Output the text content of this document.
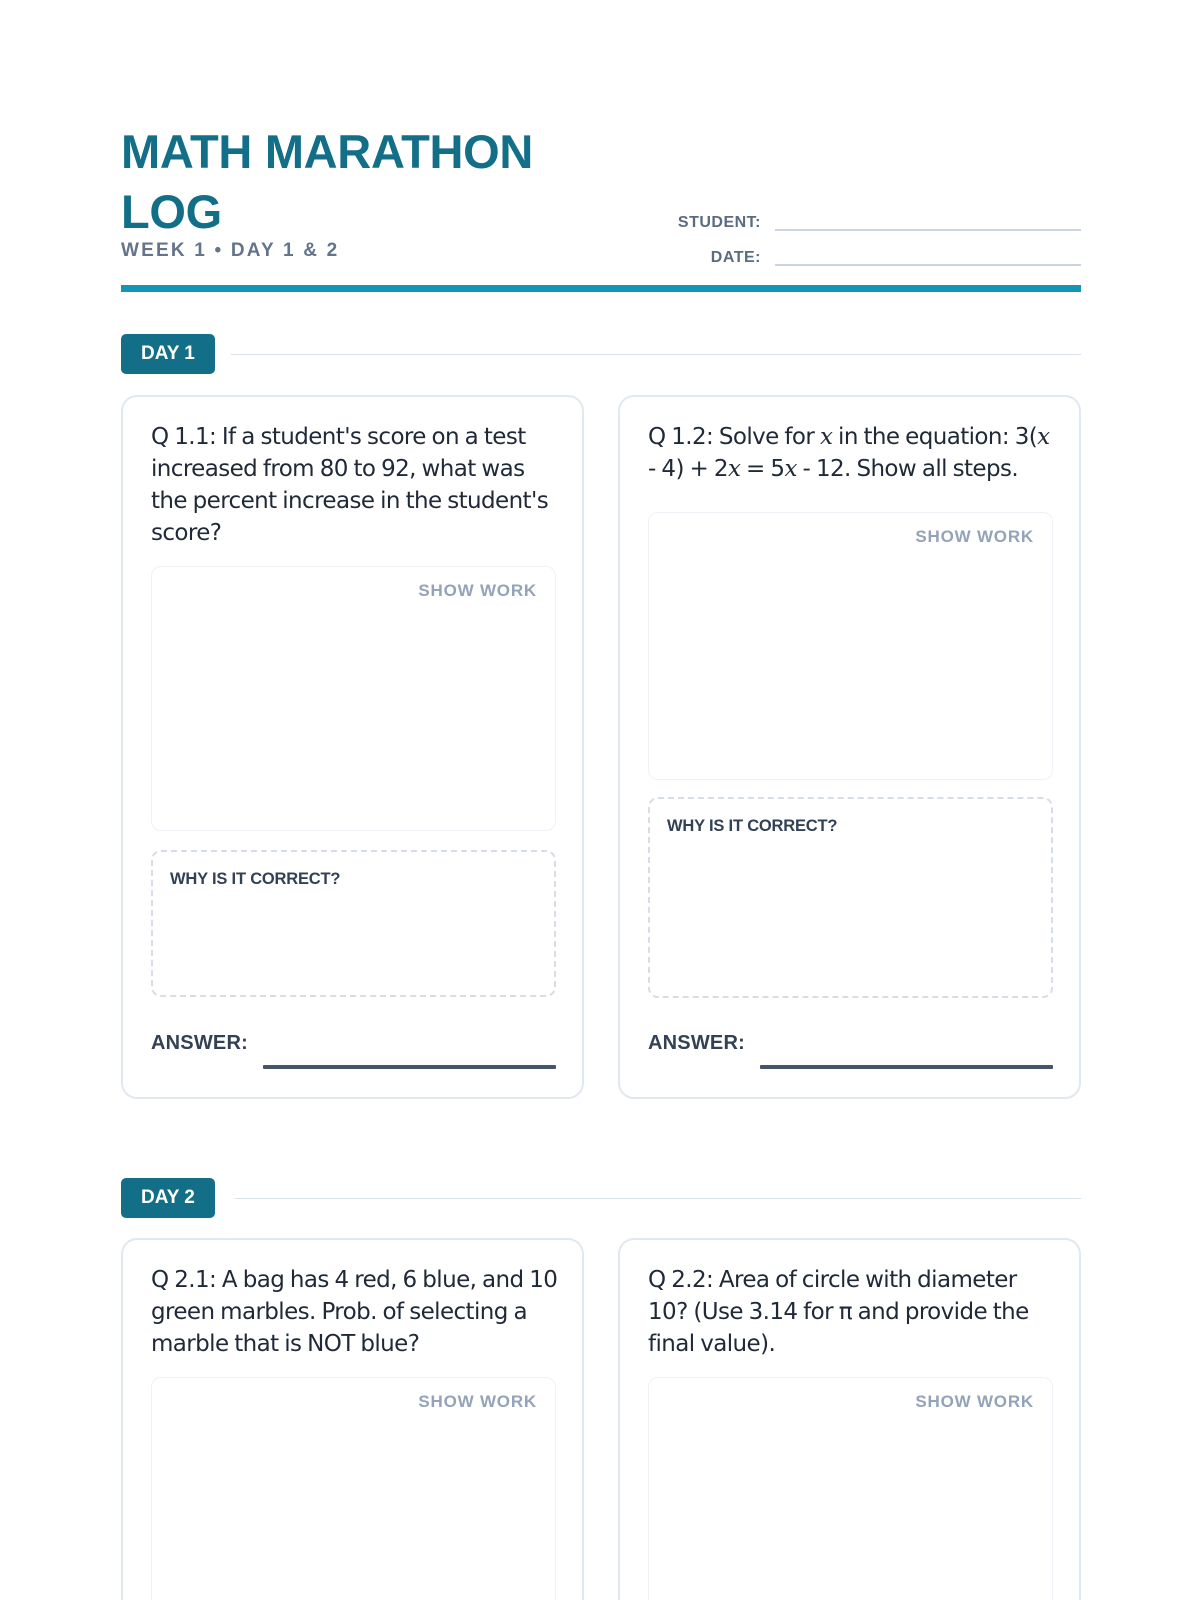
MATH MARATHON LOG
WEEK 1 • DAY 1 & 2
STUDENT:
DATE:
DAY 1
Q 1.1: If a student's score on a test increased from 80 to 92, what was the percent increase in the student's score?
SHOW WORK
WHY IS IT CORRECT?
ANSWER:
Q 1.2: Solve for x in the equation: 3(x - 4) + 2x = 5x - 12. Show all steps.
SHOW WORK
WHY IS IT CORRECT?
ANSWER:
DAY 2
Q 2.1: A bag has 4 red, 6 blue, and 10 green marbles. Prob. of selecting a marble that is NOT blue?
SHOW WORK
Q 2.2: Area of circle with diameter 10? (Use 3.14 for π and provide the final value).
SHOW WORK
